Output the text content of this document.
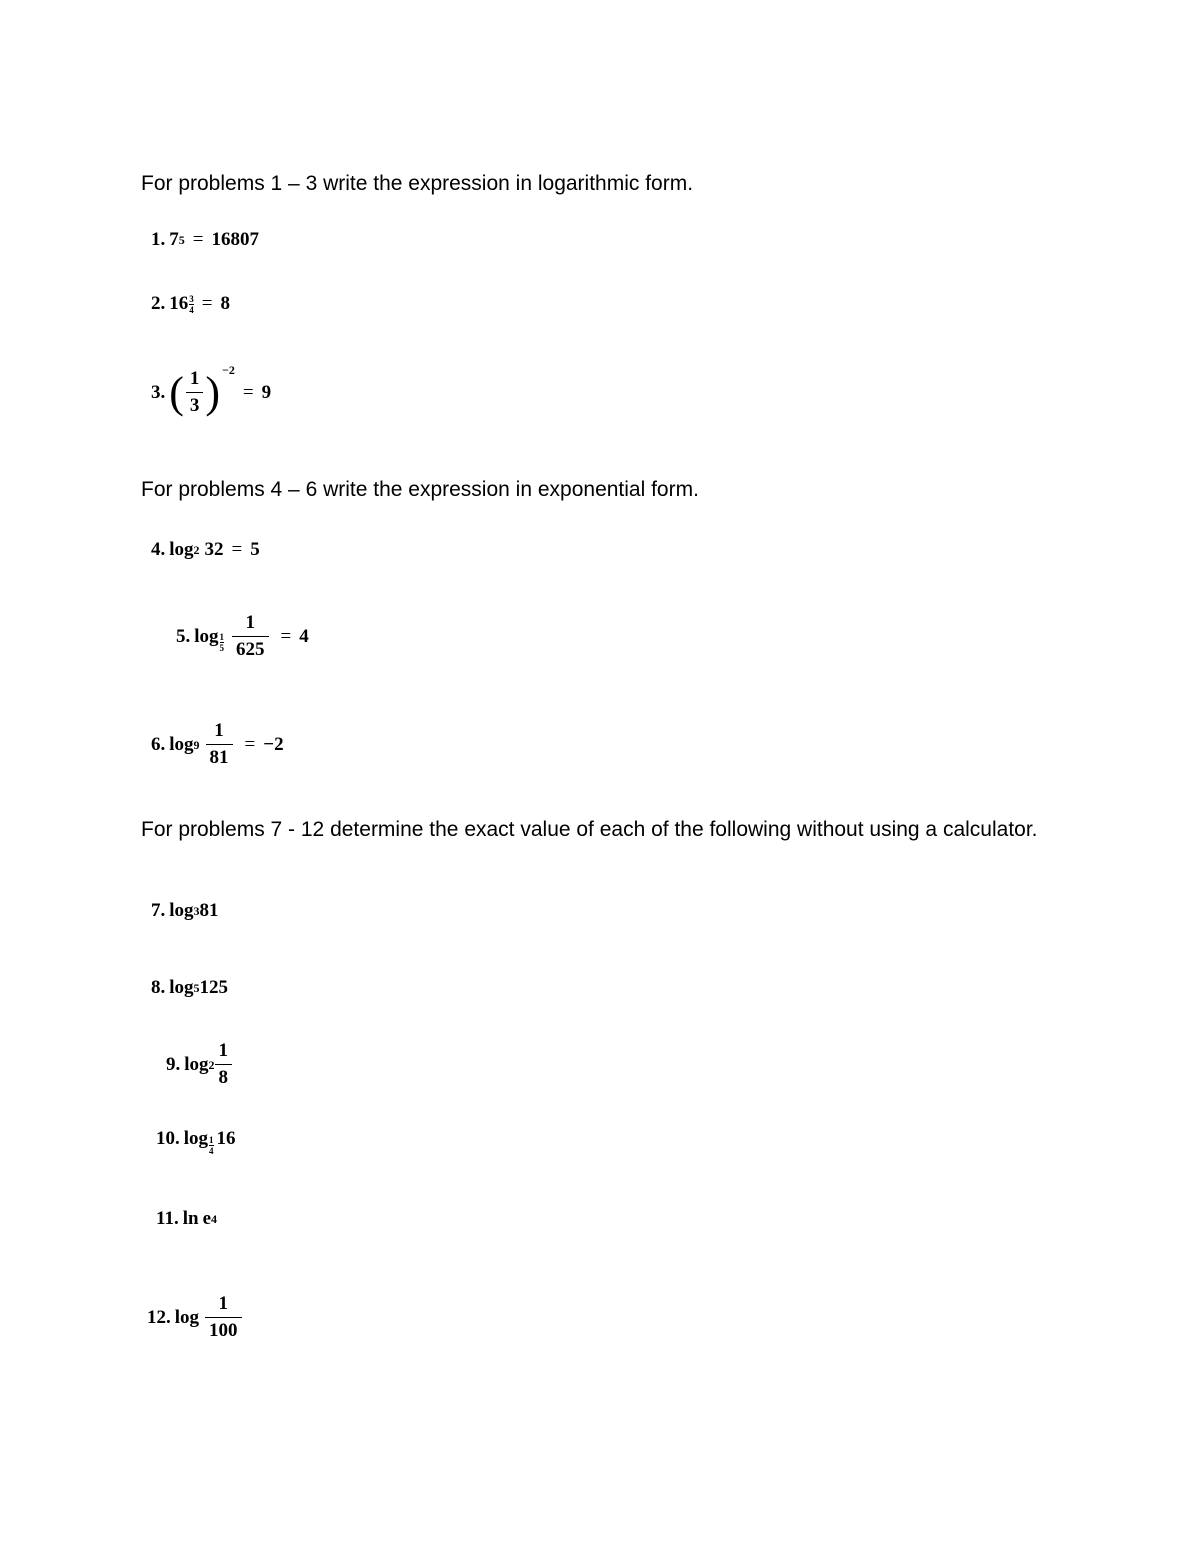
For problems 1 – 3 write the expression in logarithmic form.
1. 7 5 = 16807
2. $16 \frac{3}{4} = 8$
3. ( $\frac{1}{3}$ ) −2
= 9
For problems 4 – 6 write the expression in exponential form.
4. log 2 32 = 5
5. $\log \frac{1}{5} \frac{1}{625} = 4$
6. $\log 9 \frac{1}{81} = -2$
For problems 7 - 12 determine the exact value of each of the following without using a calculator.
7. log 3 81
8. log 5 125
9. $\log 2 \frac{1}{8}$
10. $\log \frac{1}{4} 16$
11. ln e 4
12. $\log \frac{1}{100}$
